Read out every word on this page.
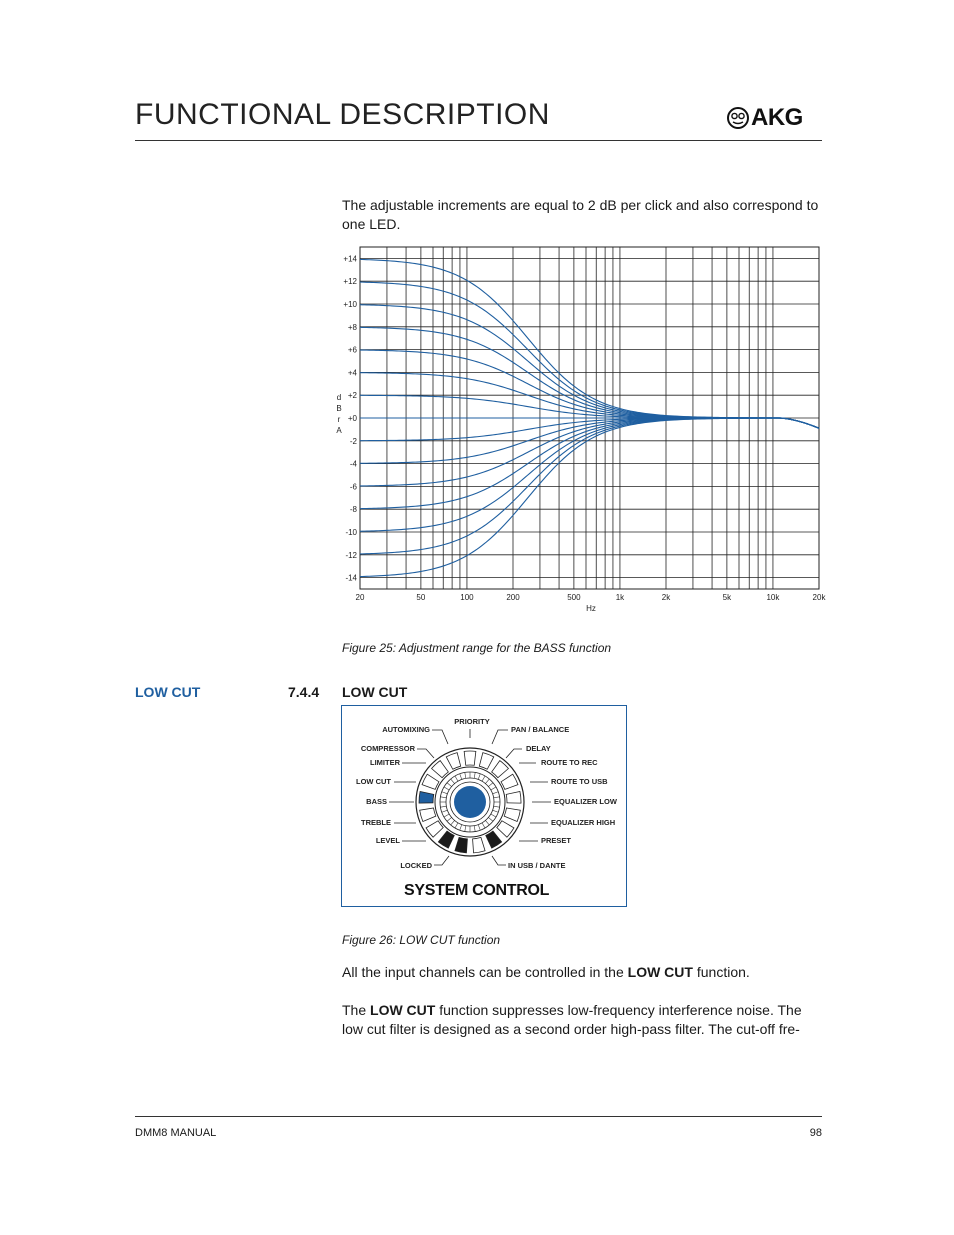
FUNCTIONAL DESCRIPTION	AKG
The adjustable increments are equal to 2 dB per click and also correspond to one LED.
+14
+12
+10
+8
+6
+4
+2
+0
-2
-4
-6
-8
-10
-12
-14
20	50	100	200	500	1k	2k	5k	10k	20k
d
B
r
A
Hz
Figure 25: Adjustment range for the BASS function
LOW CUT	7.4.4 LOW CUT
PRIORITY
AUTOMIXING	PAN / BALANCE
COMPRESSOR	DELAY
LIMITER	ROUTE TO REC
LOW CUT	ROUTE TO USB
BASS	EQUALIZER LOW
TREBLE	EQUALIZER HIGH
LEVEL	PRESET
LOCKED	IN USB / DANTE
SYSTEM CONTROL
Figure 26: LOW CUT function
All the input channels can be controlled in the LOW CUT function.
The LOW CUT function suppresses low-frequency interference noise. The low cut filter is designed as a second order high-pass filter. The cut-off fre-
DMM8 MANUAL	98
